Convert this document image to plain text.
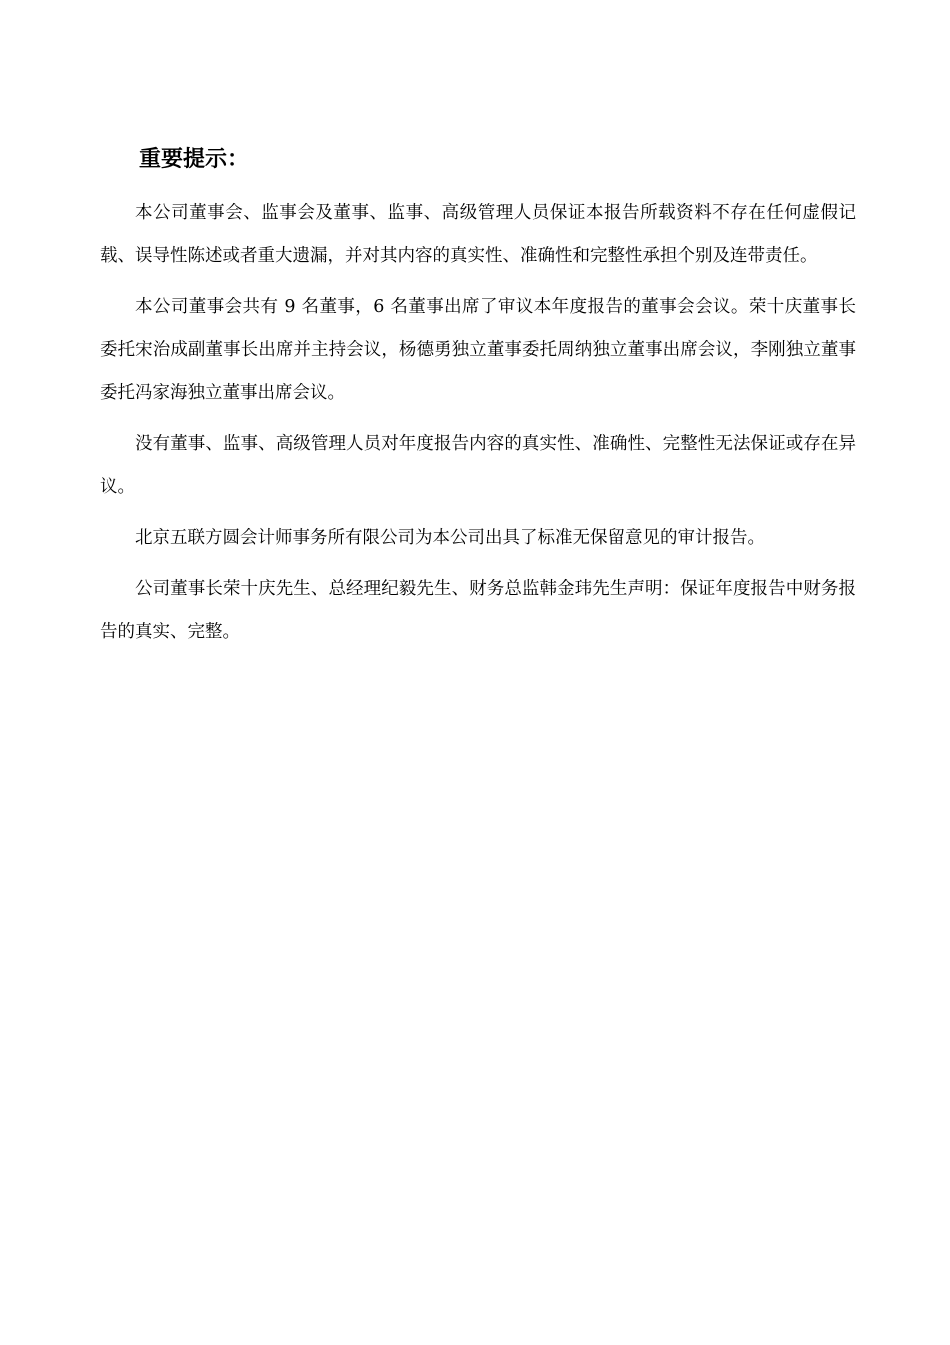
重要提示：

本公司董事会、监事会及董事、监事、高级管理人员保证本报告所载资料不存在任何虚假记载、误导性陈述或者重大遗漏，并对其内容的真实性、准确性和完整性承担个别及连带责任。

本公司董事会共有 9 名董事，6 名董事出席了审议本年度报告的董事会会议。荣十庆董事长委托宋治成副董事长出席并主持会议，杨德勇独立董事委托周纳独立董事出席会议，李刚独立董事委托冯家海独立董事出席会议。

没有董事、监事、高级管理人员对年度报告内容的真实性、准确性、完整性无法保证或存在异议。

北京五联方圆会计师事务所有限公司为本公司出具了标准无保留意见的审计报告。

公司董事长荣十庆先生、总经理纪毅先生、财务总监韩金玮先生声明：保证年度报告中财务报告的真实、完整。
